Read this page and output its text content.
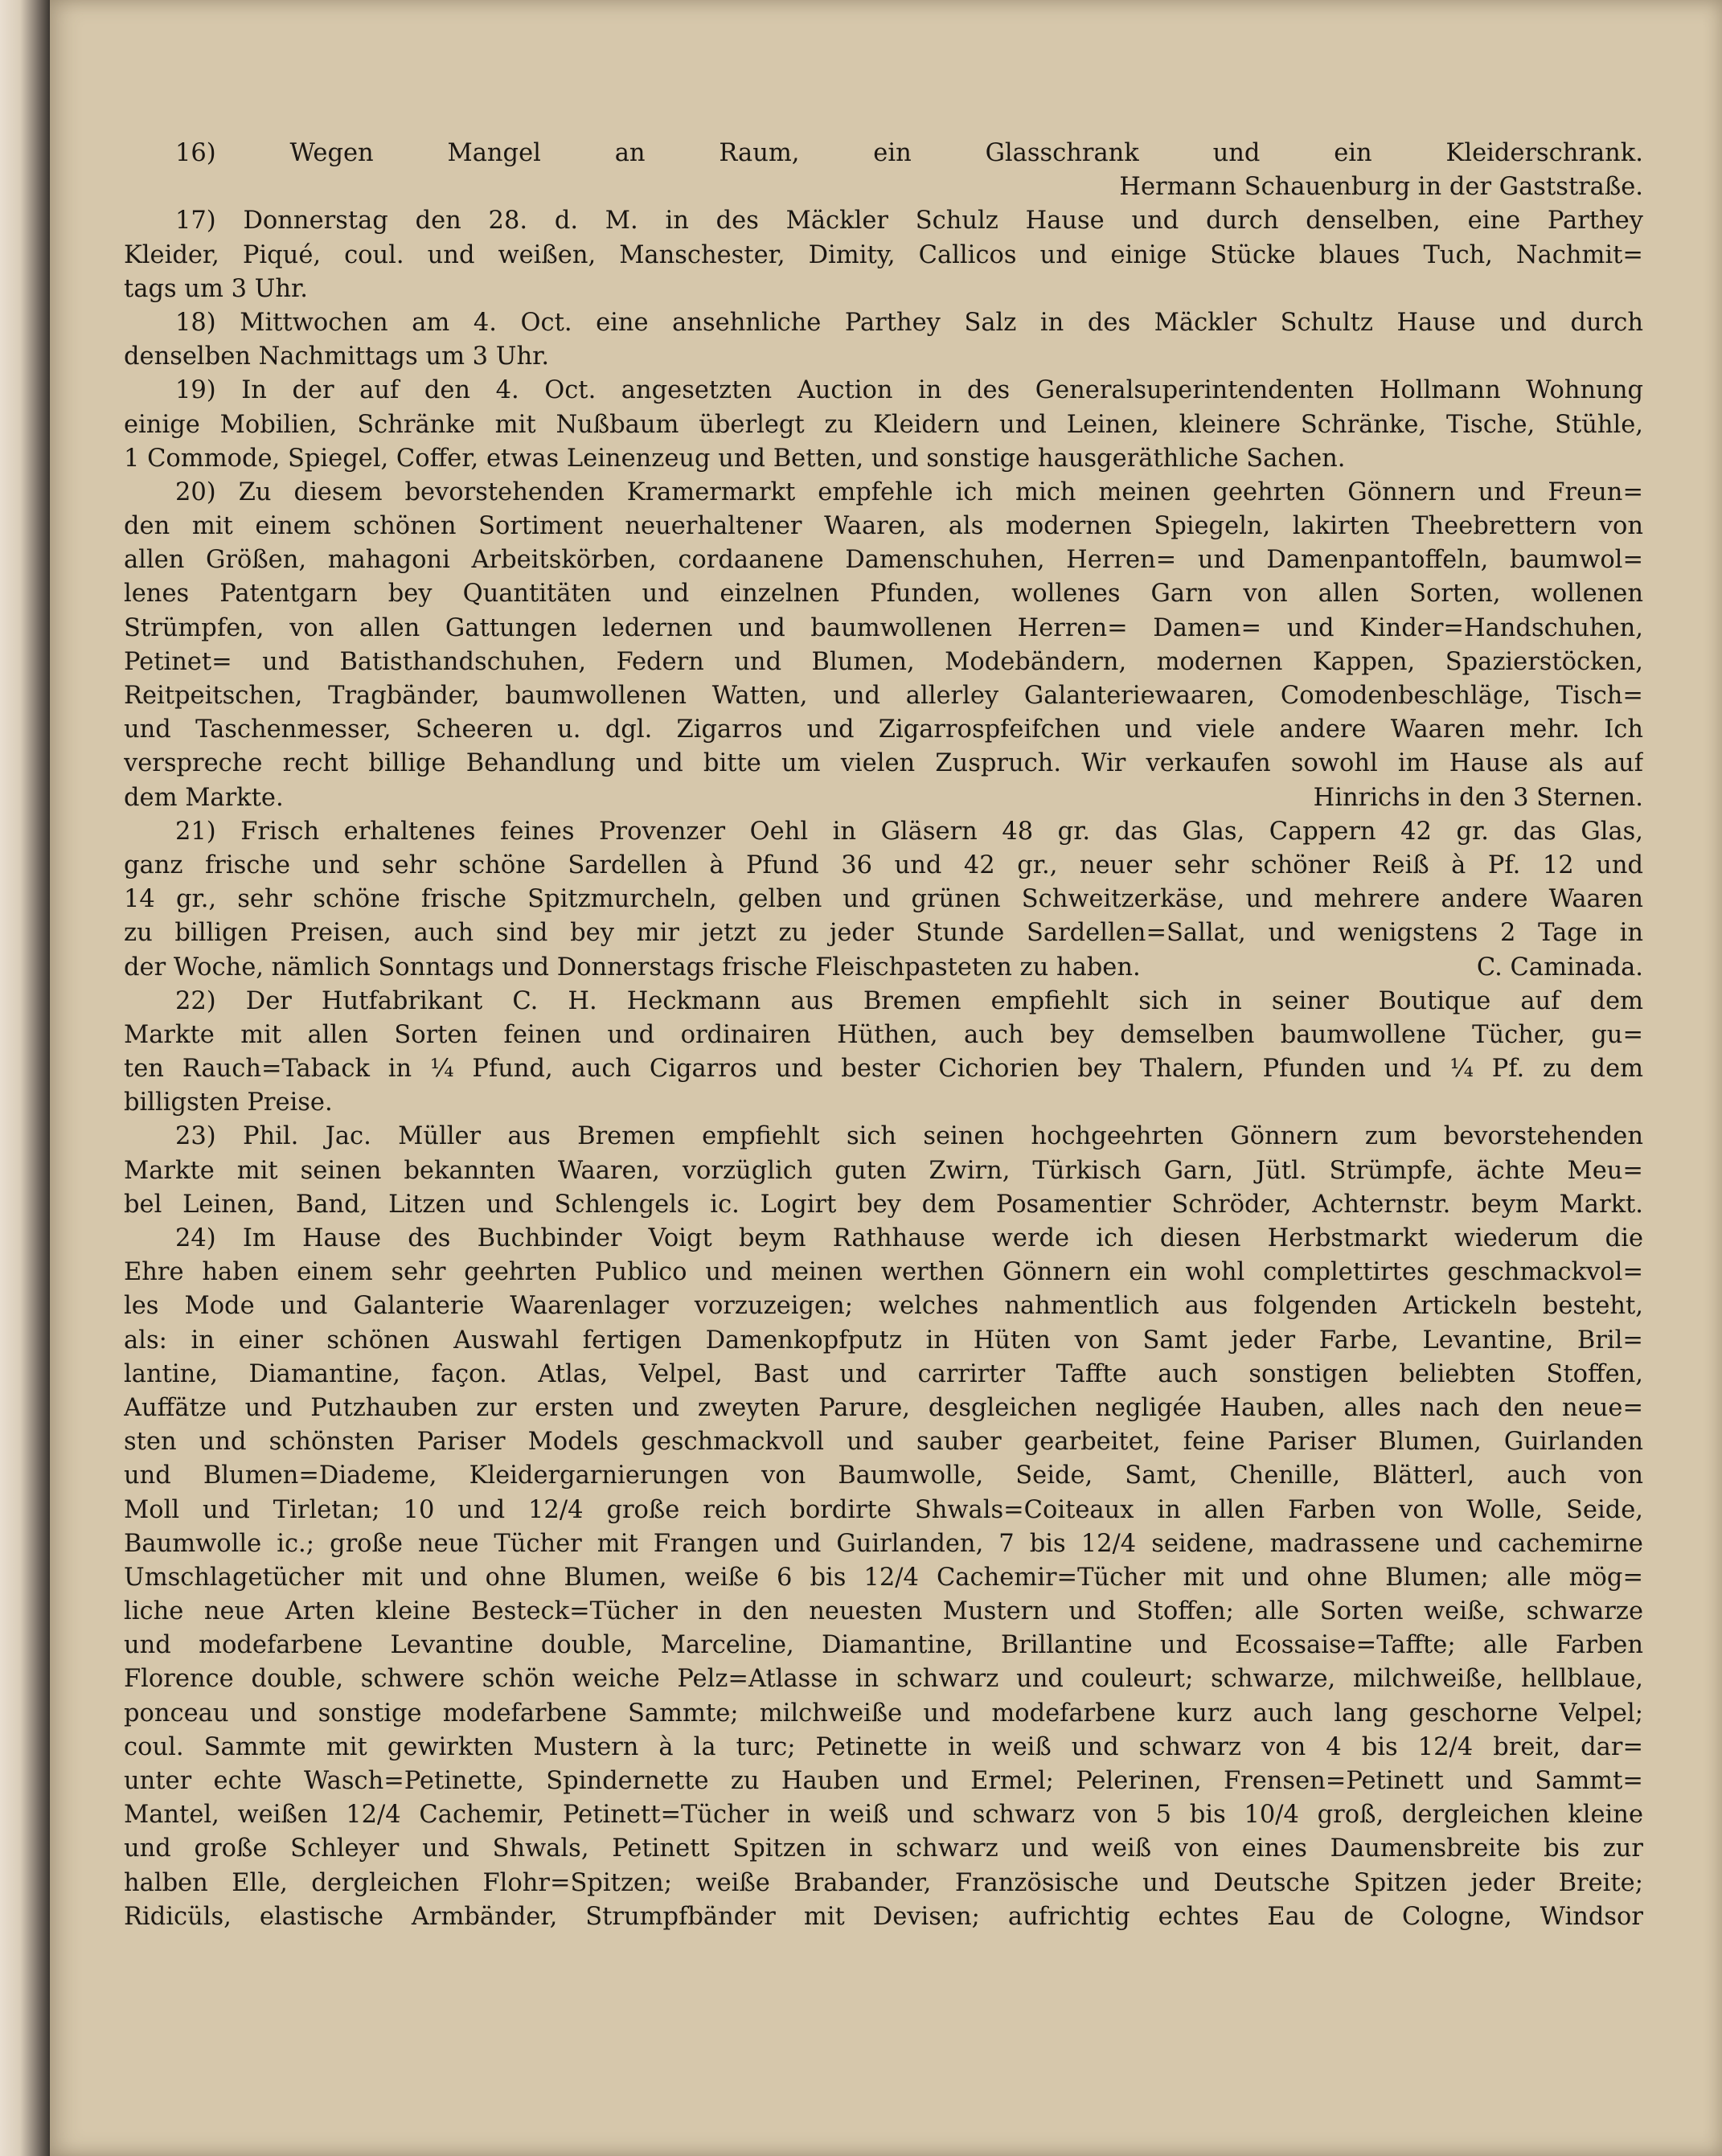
16) Wegen Mangel an Raum, ein Glasschrank und ein Kleiderschrank.
Hermann Schauenburg in der Gaststraße.
17) Donnerstag den 28. d. M. in des Mäckler Schulz Hause und durch denselben, eine Parthey
Kleider, Piqué, coul. und weißen, Manschester, Dimity, Callicos und einige Stücke blaues Tuch, Nachmit=
tags um 3 Uhr.
18) Mittwochen am 4. Oct. eine ansehnliche Parthey Salz in des Mäckler Schultz Hause und durch
denselben Nachmittags um 3 Uhr.
19) In der auf den 4. Oct. angesetzten Auction in des Generalsuperintendenten Hollmann Wohnung
einige Mobilien, Schränke mit Nußbaum überlegt zu Kleidern und Leinen, kleinere Schränke, Tische, Stühle,
1 Commode, Spiegel, Coffer, etwas Leinenzeug und Betten, und sonstige hausgeräthliche Sachen.
20) Zu diesem bevorstehenden Kramermarkt empfehle ich mich meinen geehrten Gönnern und Freun=
den mit einem schönen Sortiment neuerhaltener Waaren, als modernen Spiegeln, lakirten Theebrettern von
allen Größen, mahagoni Arbeitskörben, cordaanene Damenschuhen, Herren= und Damenpantoffeln, baumwol=
lenes Patentgarn bey Quantitäten und einzelnen Pfunden, wollenes Garn von allen Sorten, wollenen
Strümpfen, von allen Gattungen ledernen und baumwollenen Herren= Damen= und Kinder=Handschuhen,
Petinet= und Batisthandschuhen, Federn und Blumen, Modebändern, modernen Kappen, Spazierstöcken,
Reitpeitschen, Tragbänder, baumwollenen Watten, und allerley Galanteriewaaren, Comodenbeschläge, Tisch=
und Taschenmesser, Scheeren u. dgl. Zigarros und Zigarrospfeifchen und viele andere Waaren mehr. Ich
verspreche recht billige Behandlung und bitte um vielen Zuspruch. Wir verkaufen sowohl im Hause als auf
dem Markte.	Hinrichs in den 3 Sternen.
21) Frisch erhaltenes feines Provenzer Oehl in Gläsern 48 gr. das Glas, Cappern 42 gr. das Glas,
ganz frische und sehr schöne Sardellen à Pfund 36 und 42 gr., neuer sehr schöner Reiß à Pf. 12 und
14 gr., sehr schöne frische Spitzmurcheln, gelben und grünen Schweitzerkäse, und mehrere andere Waaren
zu billigen Preisen, auch sind bey mir jetzt zu jeder Stunde Sardellen=Sallat, und wenigstens 2 Tage in
der Woche, nämlich Sonntags und Donnerstags frische Fleischpasteten zu haben.	C. Caminada.
22) Der Hutfabrikant C. H. Heckmann aus Bremen empfiehlt sich in seiner Boutique auf dem
Markte mit allen Sorten feinen und ordinairen Hüthen, auch bey demselben baumwollene Tücher, gu=
ten Rauch=Taback in ¼ Pfund, auch Cigarros und bester Cichorien bey Thalern, Pfunden und ¼ Pf. zu dem
billigsten Preise.
23) Phil. Jac. Müller aus Bremen empfiehlt sich seinen hochgeehrten Gönnern zum bevorstehenden
Markte mit seinen bekannten Waaren, vorzüglich guten Zwirn, Türkisch Garn, Jütl. Strümpfe, ächte Meu=
bel Leinen, Band, Litzen und Schlengels ic. Logirt bey dem Posamentier Schröder, Achternstr. beym Markt.
24) Im Hause des Buchbinder Voigt beym Rathhause werde ich diesen Herbstmarkt wiederum die
Ehre haben einem sehr geehrten Publico und meinen werthen Gönnern ein wohl complettirtes geschmackvol=
les Mode und Galanterie Waarenlager vorzuzeigen; welches nahmentlich aus folgenden Artickeln besteht,
als: in einer schönen Auswahl fertigen Damenkopfputz in Hüten von Samt jeder Farbe, Levantine, Bril=
lantine, Diamantine, façon. Atlas, Velpel, Bast und carrirter Taffte auch sonstigen beliebten Stoffen,
Auffätze und Putzhauben zur ersten und zweyten Parure, desgleichen negligée Hauben, alles nach den neue=
sten und schönsten Pariser Models geschmackvoll und sauber gearbeitet, feine Pariser Blumen, Guirlanden
und Blumen=Diademe, Kleidergarnierungen von Baumwolle, Seide, Samt, Chenille, Blätterl, auch von
Moll und Tirletan; 10 und 12/4 große reich bordirte Shwals=Coiteaux in allen Farben von Wolle, Seide,
Baumwolle ic.; große neue Tücher mit Frangen und Guirlanden, 7 bis 12/4 seidene, madrassene und cachemirne
Umschlagetücher mit und ohne Blumen, weiße 6 bis 12/4 Cachemir=Tücher mit und ohne Blumen; alle mög=
liche neue Arten kleine Besteck=Tücher in den neuesten Mustern und Stoffen; alle Sorten weiße, schwarze
und modefarbene Levantine double, Marceline, Diamantine, Brillantine und Ecossaise=Taffte; alle Farben
Florence double, schwere schön weiche Pelz=Atlasse in schwarz und couleurt; schwarze, milchweiße, hellblaue,
ponceau und sonstige modefarbene Sammte; milchweiße und modefarbene kurz auch lang geschorne Velpel;
coul. Sammte mit gewirkten Mustern à la turc; Petinette in weiß und schwarz von 4 bis 12/4 breit, dar=
unter echte Wasch=Petinette, Spindernette zu Hauben und Ermel; Pelerinen, Frensen=Petinett und Sammt=
Mantel, weißen 12/4 Cachemir, Petinett=Tücher in weiß und schwarz von 5 bis 10/4 groß, dergleichen kleine
und große Schleyer und Shwals, Petinett Spitzen in schwarz und weiß von eines Daumensbreite bis zur
halben Elle, dergleichen Flohr=Spitzen; weiße Brabander, Französische und Deutsche Spitzen jeder Breite;
Ridicüls, elastische Armbänder, Strumpfbänder mit Devisen; aufrichtig echtes Eau de Cologne, Windsor
